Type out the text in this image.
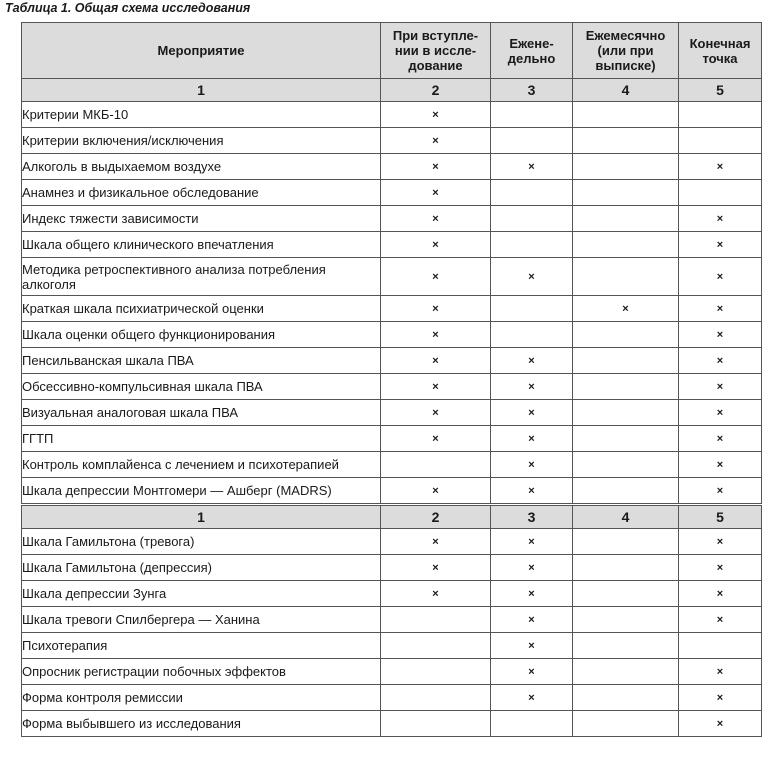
Таблица 1. Общая схема исследования
Мероприятие	При вступле-
нии в иссле-
дование	Еженe-
дельно	Ежемесячно
(или при
выписке)	Конечная
точка
1	2	3	4	5
Критерии МКБ-10	×			
Критерии включения/исключения	×			
Алкоголь в выдыхаемом воздухе	×	×		×
Анамнез и физикальное обследование	×			
Индекс тяжести зависимости	×			×
Шкала общего клинического впечатления	×			×
Методика ретроспективного анализа потребления алкоголя	×	×		×
Краткая шкала психиатрической оценки	×		×	×
Шкала оценки общего функционирования	×			×
Пенсильванская шкала ПВА	×	×		×
Обсессивно-компульсивная шкала ПВА	×	×		×
Визуальная аналоговая шкала ПВА	×	×		×
ГГТП	×	×		×
Контроль комплайенса с лечением и психотерапией		×		×
Шкала депрессии Монтгомери — Ашберг (MADRS)	×	×		×
1	2	3	4	5
Шкала Гамильтона (тревога)	×	×		×
Шкала Гамильтона (депрессия)	×	×		×
Шкала депрессии Зунга	×	×		×
Шкала тревоги Спилбергера — Ханина		×		×
Психотерапия		×		
Опросник регистрации побочных эффектов		×		×
Форма контроля ремиссии		×		×
Форма выбывшего из исследования				×
